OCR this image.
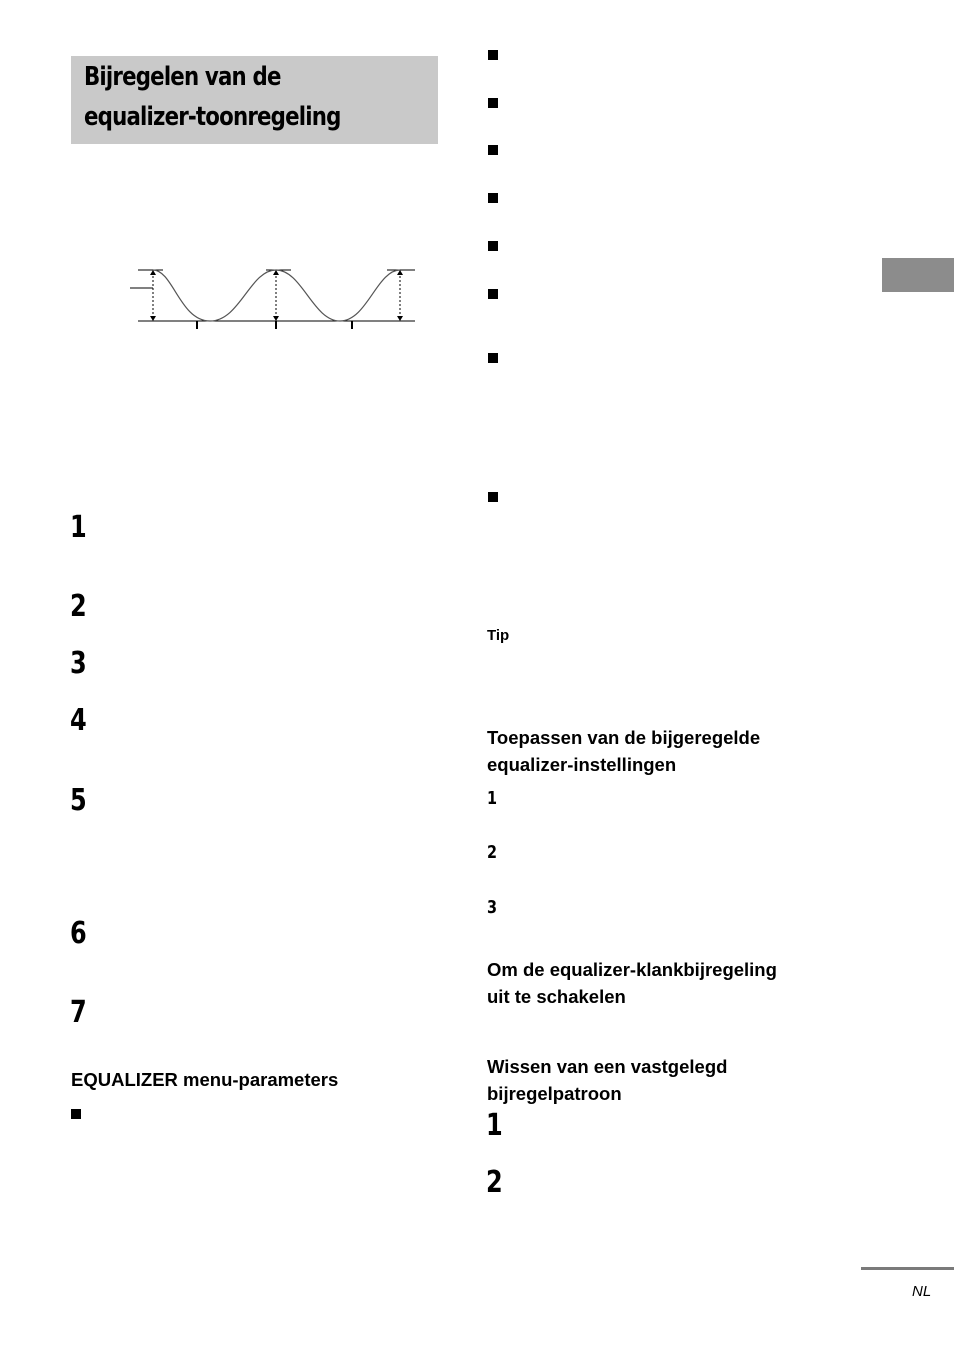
Bijregelen van de
equalizer-toonregeling
1
2
3
4
5
6
7
EQUALIZER menu-parameters
Tip
Toepassen van de bijgeregelde
equalizer-instellingen
1
2
3
Om de equalizer-klankbijregeling
uit te schakelen
Wissen van een vastgelegd
bijregelpatroon
1
2
NL
